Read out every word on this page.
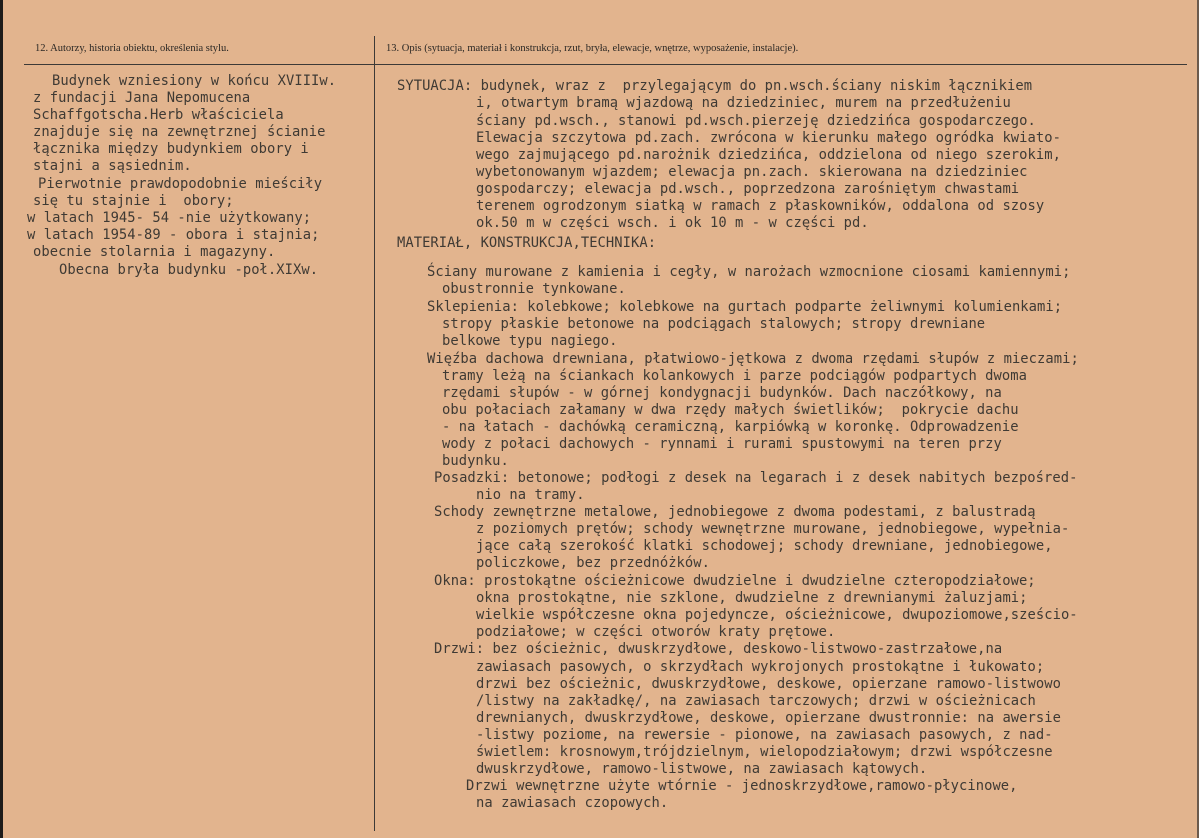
12. Autorzy, historia obiektu, określenia stylu.	13. Opis (sytuacja, materiał i konstrukcja, rzut, bryła, elewacje, wnętrze, wyposażenie, instalacje).

Budynek wzniesiony w końcu XVIIIw.

z fundacji Jana Nepomucena

Schaffgotscha.Herb właściciela

znajduje się na zewnętrznej ścianie

łącznika między budynkiem obory i

stajni a sąsiednim.

Pierwotnie prawdopodobnie mieściły

się tu stajnie i  obory;

w latach 1945- 54 -nie użytkowany;

w latach 1954-89 - obora i stajnia;

obecnie stolarnia i magazyny.

Obecna bryła budynku -poł.XIXw.

SYTUACJA: budynek, wraz z  przylegającym do pn.wsch.ściany niskim łącznikiem

i, otwartym bramą wjazdową na dziedziniec, murem na przedłużeniu

ściany pd.wsch., stanowi pd.wsch.pierzeję dziedzińca gospodarczego.

Elewacja szczytowa pd.zach. zwrócona w kierunku małego ogródka kwiato-

wego zajmującego pd.narożnik dziedzińca, oddzielona od niego szerokim,

wybetonowanym wjazdem; elewacja pn.zach. skierowana na dziedziniec

gospodarczy; elewacja pd.wsch., poprzedzona zarośniętym chwastami

terenem ogrodzonym siatką w ramach z płaskowników, oddalona od szosy

ok.50 m w części wsch. i ok 10 m - w części pd.

MATERIAŁ, KONSTRUKCJA,TECHNIKA:

Ściany murowane z kamienia i cegły, w narożach wzmocnione ciosami kamiennymi;

obustronnie tynkowane.

Sklepienia: kolebkowe; kolebkowe na gurtach podparte żeliwnymi kolumienkami;

stropy płaskie betonowe na podciągach stalowych; stropy drewniane

belkowe typu nagiego.

Więźba dachowa drewniana, płatwiowo-jętkowa z dwoma rzędami słupów z mieczami;

tramy leżą na ściankach kolankowych i parze podciągów podpartych dwoma

rzędami słupów - w górnej kondygnacji budynków. Dach naczółkowy, na

obu połaciach załamany w dwa rzędy małych świetlików;  pokrycie dachu

- na łatach - dachówką ceramiczną, karpiówką w koronkę. Odprowadzenie

wody z połaci dachowych - rynnami i rurami spustowymi na teren przy

budynku.

Posadzki: betonowe; podłogi z desek na legarach i z desek nabitych bezpośred-

nio na tramy.

Schody zewnętrzne metalowe, jednobiegowe z dwoma podestami, z balustradą

z poziomych prętów; schody wewnętrzne murowane, jednobiegowe, wypełnia-

jące całą szerokość klatki schodowej; schody drewniane, jednobiegowe,

policzkowe, bez przednóżków.

Okna: prostokątne ościeżnicowe dwudzielne i dwudzielne czteropodziałowe;

okna prostokątne, nie szklone, dwudzielne z drewnianymi żaluzjami;

wielkie współczesne okna pojedyncze, ościeżnicowe, dwupoziomowe,sześcio-

podziałowe; w części otworów kraty prętowe.

Drzwi: bez ościeżnic, dwuskrzydłowe, deskowo-listwowo-zastrzałowe,na

zawiasach pasowych, o skrzydłach wykrojonych prostokątne i łukowato;

drzwi bez ościeżnic, dwuskrzydłowe, deskowe, opierzane ramowo-listwowo

/listwy na zakładkę/, na zawiasach tarczowych; drzwi w ościeżnicach

drewnianych, dwuskrzydłowe, deskowe, opierzane dwustronnie: na awersie

-listwy poziome, na rewersie - pionowe, na zawiasach pasowych, z nad-

świetlem: krosnowym,trójdzielnym, wielopodziałowym; drzwi współczesne

dwuskrzydłowe, ramowo-listwowe, na zawiasach kątowych.

Drzwi wewnętrzne użyte wtórnie - jednoskrzydłowe,ramowo-płycinowe,

na zawiasach czopowych.
